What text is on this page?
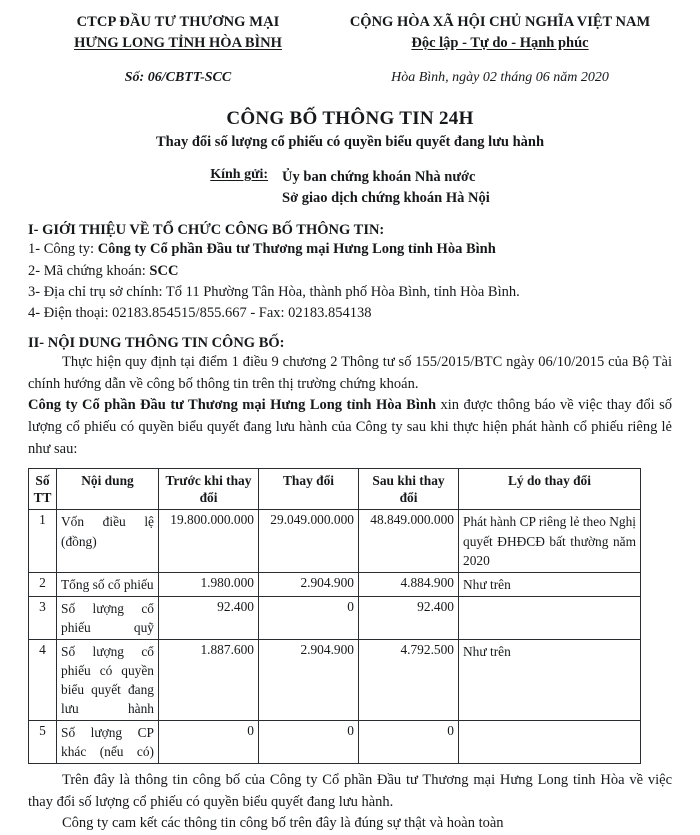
CTCP ĐẦU TƯ THƯƠNG MẠI
HƯNG LONG TỈNH HÒA BÌNH
CỘNG HÒA XÃ HỘI CHỦ NGHĨA VIỆT NAM
Độc lập - Tự do - Hạnh phúc
Số: 06/CBTT-SCC	Hòa Bình, ngày 02 tháng 06 năm 2020
CÔNG BỐ THÔNG TIN 24H
Thay đổi số lượng cổ phiếu có quyền biểu quyết đang lưu hành
Kính gửi: Ủy ban chứng khoán Nhà nước
Sở giao dịch chứng khoán Hà Nội
I- GIỚI THIỆU VỀ TỔ CHỨC CÔNG BỐ THÔNG TIN:
1- Công ty: Công ty Cổ phần Đầu tư Thương mại Hưng Long tỉnh Hòa Bình
2- Mã chứng khoán: SCC
3- Địa chỉ trụ sở chính: Tổ 11 Phường Tân Hòa, thành phố Hòa Bình, tỉnh Hòa Bình.
4- Điện thoại: 02183.854515/855.667 - Fax: 02183.854138
II- NỘI DUNG THÔNG TIN CÔNG BỐ:
Thực hiện quy định tại điểm 1 điều 9 chương 2 Thông tư số 155/2015/BTC ngày 06/10/2015 của Bộ Tài chính hướng dẫn về công bố thông tin trên thị trường chứng khoán.
Công ty Cổ phần Đầu tư Thương mại Hưng Long tỉnh Hòa Bình xin được thông báo về việc thay đổi số lượng cổ phiếu có quyền biểu quyết đang lưu hành của Công ty sau khi thực hiện phát hành cổ phiếu riêng lẻ như sau:
Số TT	Nội dung	Trước khi thay đổi	Thay đổi	Sau khi thay đổi	Lý do thay đổi
1	Vốn điều lệ (đồng)	19.800.000.000	29.049.000.000	48.849.000.000	Phát hành CP riêng lẻ theo Nghị quyết ĐHĐCĐ bất thường năm 2020
2	Tổng số cổ phiếu	1.980.000	2.904.900	4.884.900	Như trên
3	Số lượng cổ phiếu quỹ	92.400	0	92.400	
4	Số lượng cổ phiếu có quyền biểu quyết đang lưu hành	1.887.600	2.904.900	4.792.500	Như trên
5	Số lượng CP khác (nếu có)	0	0	0	
Trên đây là thông tin công bố của Công ty Cổ phần Đầu tư Thương mại Hưng Long tỉnh Hòa về việc thay đổi số lượng cổ phiếu có quyền biểu quyết đang lưu hành.
Công ty cam kết các thông tin công bố trên đây là đúng sự thật và hoàn toàn
